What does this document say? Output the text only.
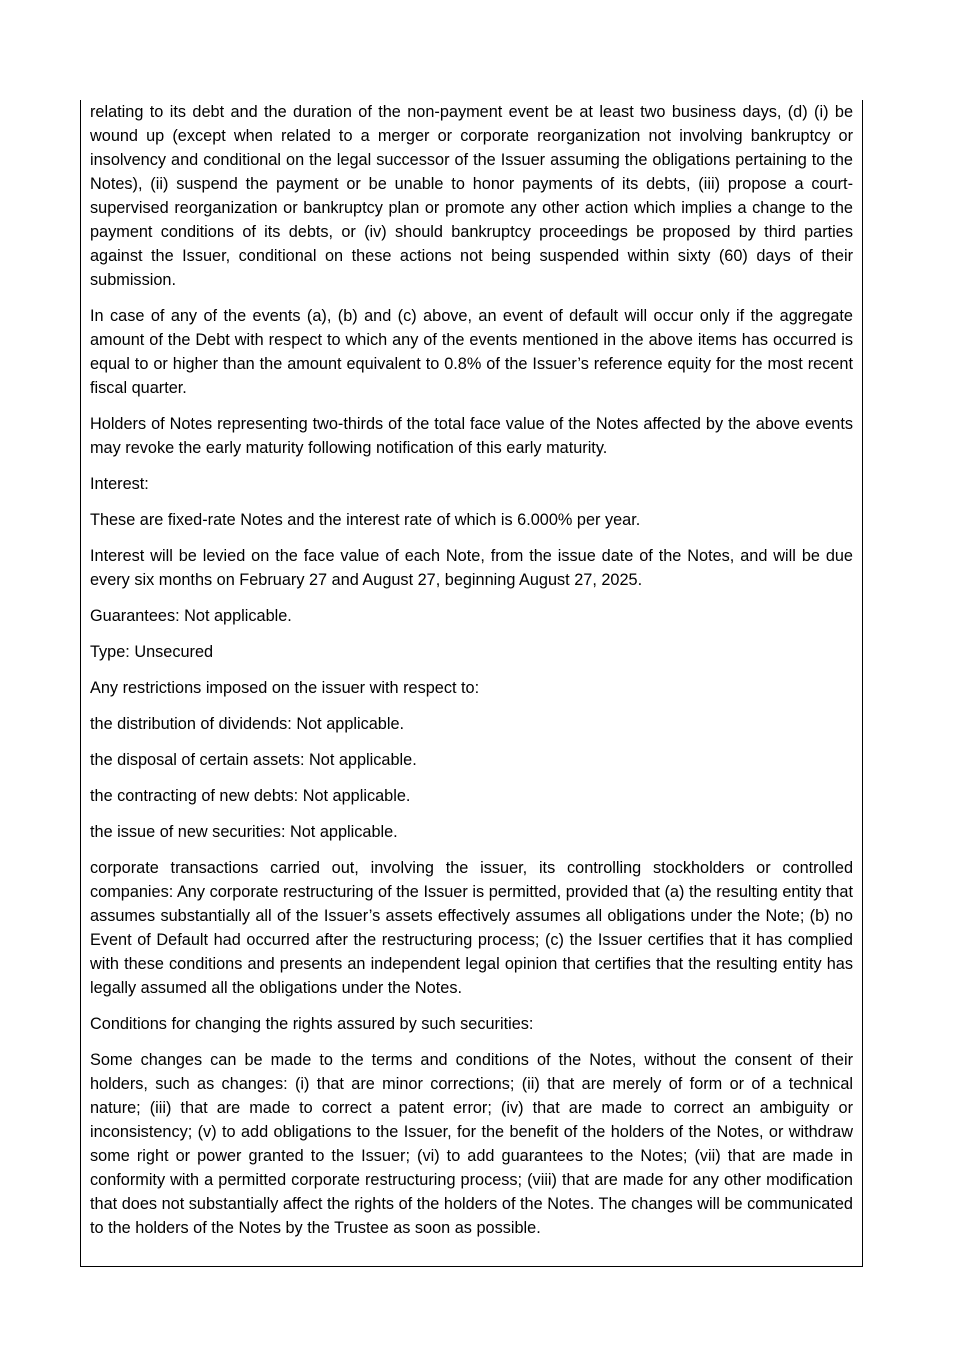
relating to its debt and the duration of the non-payment event be at least two business days, (d) (i) be wound up (except when related to a merger or corporate reorganization not involving bankruptcy or insolvency and conditional on the legal successor of the Issuer assuming the obligations pertaining to the Notes), (ii) suspend the payment or be unable to honor payments of its debts, (iii) propose a court-supervised reorganization or bankruptcy plan or promote any other action which implies a change to the payment conditions of its debts, or (iv) should bankruptcy proceedings be proposed by third parties against the Issuer, conditional on these actions not being suspended within sixty (60) days of their submission.

In case of any of the events (a), (b) and (c) above, an event of default will occur only if the aggregate amount of the Debt with respect to which any of the events mentioned in the above items has occurred is equal to or higher than the amount equivalent to 0.8% of the Issuer’s reference equity for the most recent fiscal quarter.

Holders of Notes representing two-thirds of the total face value of the Notes affected by the above events may revoke the early maturity following notification of this early maturity.

Interest:

These are fixed-rate Notes and the interest rate of which is 6.000% per year.

Interest will be levied on the face value of each Note, from the issue date of the Notes, and will be due every six months on February 27 and August 27, beginning August 27, 2025.

Guarantees: Not applicable.

Type: Unsecured

Any restrictions imposed on the issuer with respect to:

the distribution of dividends: Not applicable.

the disposal of certain assets: Not applicable.

the contracting of new debts: Not applicable.

the issue of new securities: Not applicable.

corporate transactions carried out, involving the issuer, its controlling stockholders or controlled companies: Any corporate restructuring of the Issuer is permitted, provided that (a) the resulting entity that assumes substantially all of the Issuer’s assets effectively assumes all obligations under the Note; (b) no Event of Default had occurred after the restructuring process; (c) the Issuer certifies that it has complied with these conditions and presents an independent legal opinion that certifies that the resulting entity has legally assumed all the obligations under the Notes.

Conditions for changing the rights assured by such securities:

Some changes can be made to the terms and conditions of the Notes, without the consent of their holders, such as changes: (i) that are minor corrections; (ii) that are merely of form or of a technical nature; (iii) that are made to correct a patent error; (iv) that are made to correct an ambiguity or inconsistency; (v) to add obligations to the Issuer, for the benefit of the holders of the Notes, or withdraw some right or power granted to the Issuer; (vi) to add guarantees to the Notes; (vii) that are made in conformity with a permitted corporate restructuring process; (viii) that are made for any other modification that does not substantially affect the rights of the holders of the Notes. The changes will be communicated to the holders of the Notes by the Trustee as soon as possible.
